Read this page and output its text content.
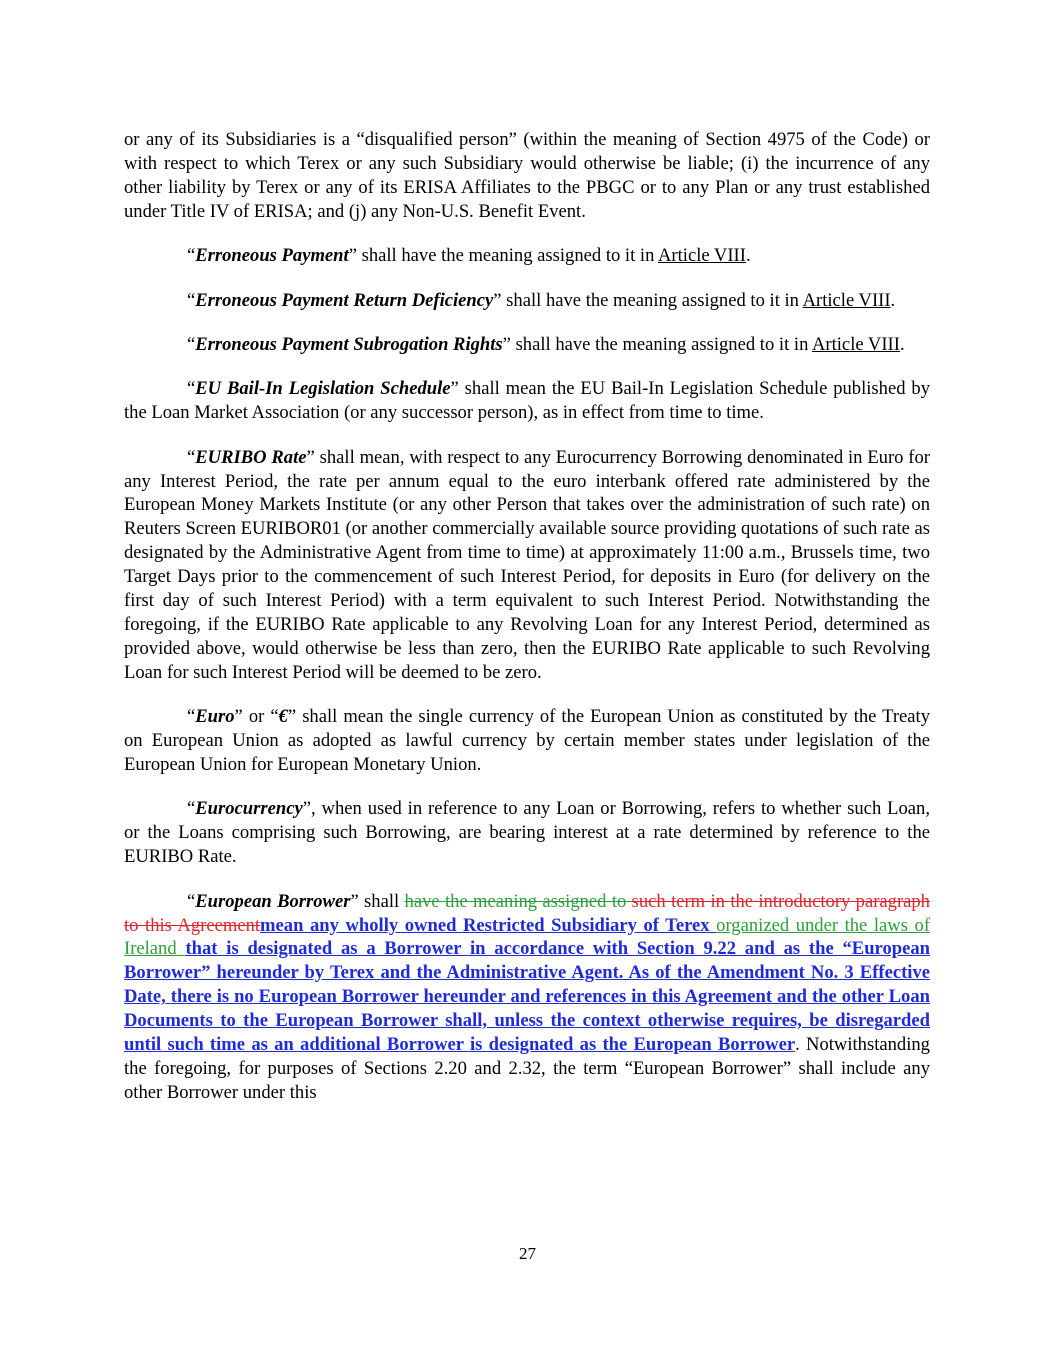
or any of its Subsidiaries is a “disqualified person” (within the meaning of Section 4975 of the Code) or with respect to which Terex or any such Subsidiary would otherwise be liable; (i) the incurrence of any other liability by Terex or any of its ERISA Affiliates to the PBGC or to any Plan or any trust established under Title IV of ERISA; and (j) any Non-U.S. Benefit Event.

“Erroneous Payment” shall have the meaning assigned to it in Article VIII.

“Erroneous Payment Return Deficiency” shall have the meaning assigned to it in Article VIII.

“Erroneous Payment Subrogation Rights” shall have the meaning assigned to it in Article VIII.

“EU Bail-In Legislation Schedule” shall mean the EU Bail-In Legislation Schedule published by the Loan Market Association (or any successor person), as in effect from time to time.

“EURIBO Rate” shall mean, with respect to any Eurocurrency Borrowing denominated in Euro for any Interest Period, the rate per annum equal to the euro interbank offered rate administered by the European Money Markets Institute (or any other Person that takes over the administration of such rate) on Reuters Screen EURIBOR01 (or another commercially available source providing quotations of such rate as designated by the Administrative Agent from time to time) at approximately 11:00 a.m., Brussels time, two Target Days prior to the commencement of such Interest Period, for deposits in Euro (for delivery on the first day of such Interest Period) with a term equivalent to such Interest Period. Notwithstanding the foregoing, if the EURIBO Rate applicable to any Revolving Loan for any Interest Period, determined as provided above, would otherwise be less than zero, then the EURIBO Rate applicable to such Revolving Loan for such Interest Period will be deemed to be zero.

“Euro” or “€” shall mean the single currency of the European Union as constituted by the Treaty on European Union as adopted as lawful currency by certain member states under legislation of the European Union for European Monetary Union.

“Eurocurrency”, when used in reference to any Loan or Borrowing, refers to whether such Loan, or the Loans comprising such Borrowing, are bearing interest at a rate determined by reference to the EURIBO Rate.

“European Borrower” shall have the meaning assigned to such term in the introductory paragraph to this Agreementmean any wholly owned Restricted Subsidiary of Terex organized under the laws of Ireland that is designated as a Borrower in accordance with Section 9.22 and as the “European Borrower” hereunder by Terex and the Administrative Agent. As of the Amendment No. 3 Effective Date, there is no European Borrower hereunder and references in this Agreement and the other Loan Documents to the European Borrower shall, unless the context otherwise requires, be disregarded until such time as an additional Borrower is designated as the European Borrower. Notwithstanding the foregoing, for purposes of Sections 2.20 and 2.32, the term “European Borrower” shall include any other Borrower under this

27
